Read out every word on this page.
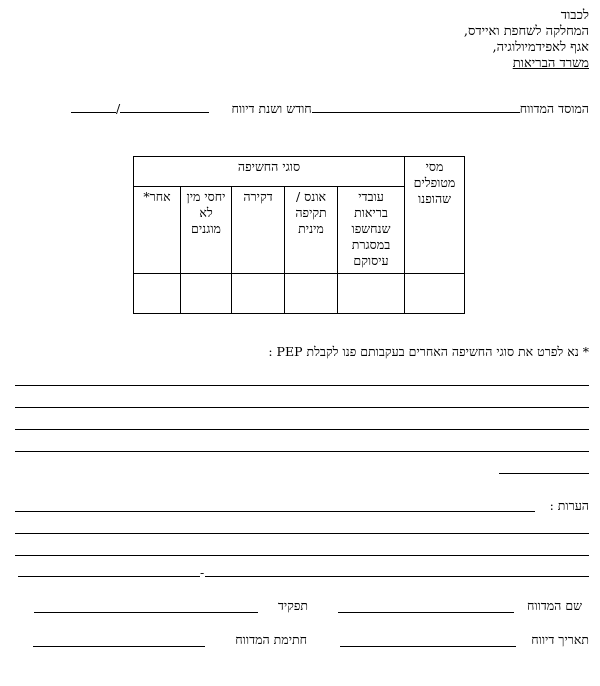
לכבוד
המחלקה לשחפת ואיידס,
אגף לאפידמיולוגיה,
משרד הבריאות
המוסד המדווחחודש ושנת דיווח
/
מסי מטופלים שהופנו	סוגי החשיפה				
	עובדי בריאות שנחשפו במסגרת עיסוקם	אונס / תקיפה מינית	דקירה	יחסי מין לא מוגנים	אחר*

* נא לפרט את סוגי החשיפה האחרים בעקבותם פנו לקבלת PEP :
הערות :
-
שם המדווח
תפקיד
תאריך דיווח
חתימת המדווח
